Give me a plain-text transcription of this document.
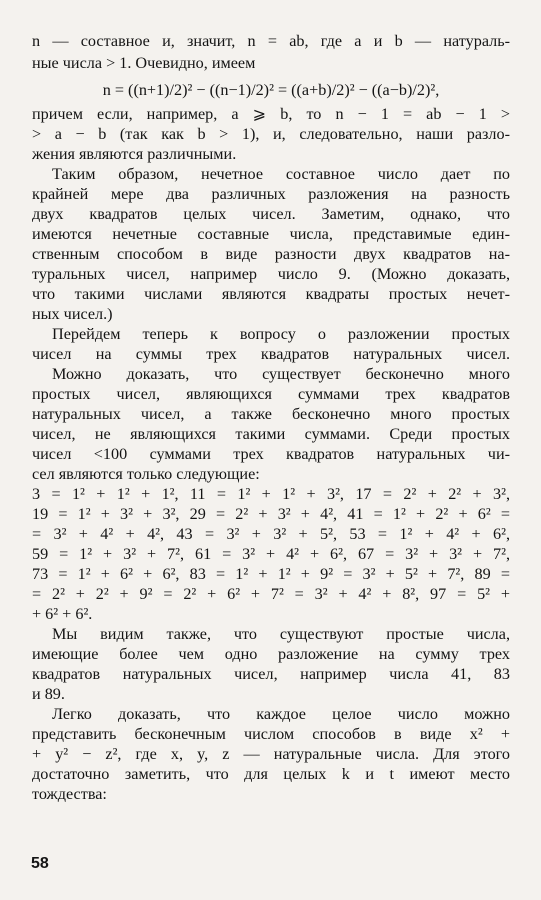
n — составное и, значит, n = ab, где a и b — натураль-
ные числа > 1. Очевидно, имеем
n = ((n+1)/2)² − ((n−1)/2)² = ((a+b)/2)² − ((a−b)/2)²,
причем если, например, a ⩾ b, то n − 1 = ab − 1 >
> a − b (так как b > 1), и, следовательно, наши разло-
жения являются различными.
Таким образом, нечетное составное число дает по
крайней мере два различных разложения на разность
двух квадратов целых чисел. Заметим, однако, что
имеются нечетные составные числа, представимые един-
ственным способом в виде разности двух квадратов на-
туральных чисел, например число 9. (Можно доказать,
что такими числами являются квадраты простых нечет-
ных чисел.)
Перейдем теперь к вопросу о разложении простых
чисел на суммы трех квадратов натуральных чисел.
Можно доказать, что существует бесконечно много
простых чисел, являющихся суммами трех квадратов
натуральных чисел, а также бесконечно много простых
чисел, не являющихся такими суммами. Среди простых
чисел <100 суммами трех квадратов натуральных чи-
сел являются только следующие:
3 = 1² + 1² + 1², 11 = 1² + 1² + 3², 17 = 2² + 2² + 3²,
19 = 1² + 3² + 3², 29 = 2² + 3² + 4², 41 = 1² + 2² + 6² =
= 3² + 4² + 4², 43 = 3² + 3² + 5², 53 = 1² + 4² + 6²,
59 = 1² + 3² + 7², 61 = 3² + 4² + 6², 67 = 3² + 3² + 7²,
73 = 1² + 6² + 6², 83 = 1² + 1² + 9² = 3² + 5² + 7², 89 =
= 2² + 2² + 9² = 2² + 6² + 7² = 3² + 4² + 8², 97 = 5² +
+ 6² + 6².
Мы видим также, что существуют простые числа,
имеющие более чем одно разложение на сумму трех
квадратов натуральных чисел, например числа 41, 83
и 89.
Легко доказать, что каждое целое число можно
представить бесконечным числом способов в виде x² +
+ y² − z², где x, y, z — натуральные числа. Для этого
достаточно заметить, что для целых k и t имеют место
тождества:
58
